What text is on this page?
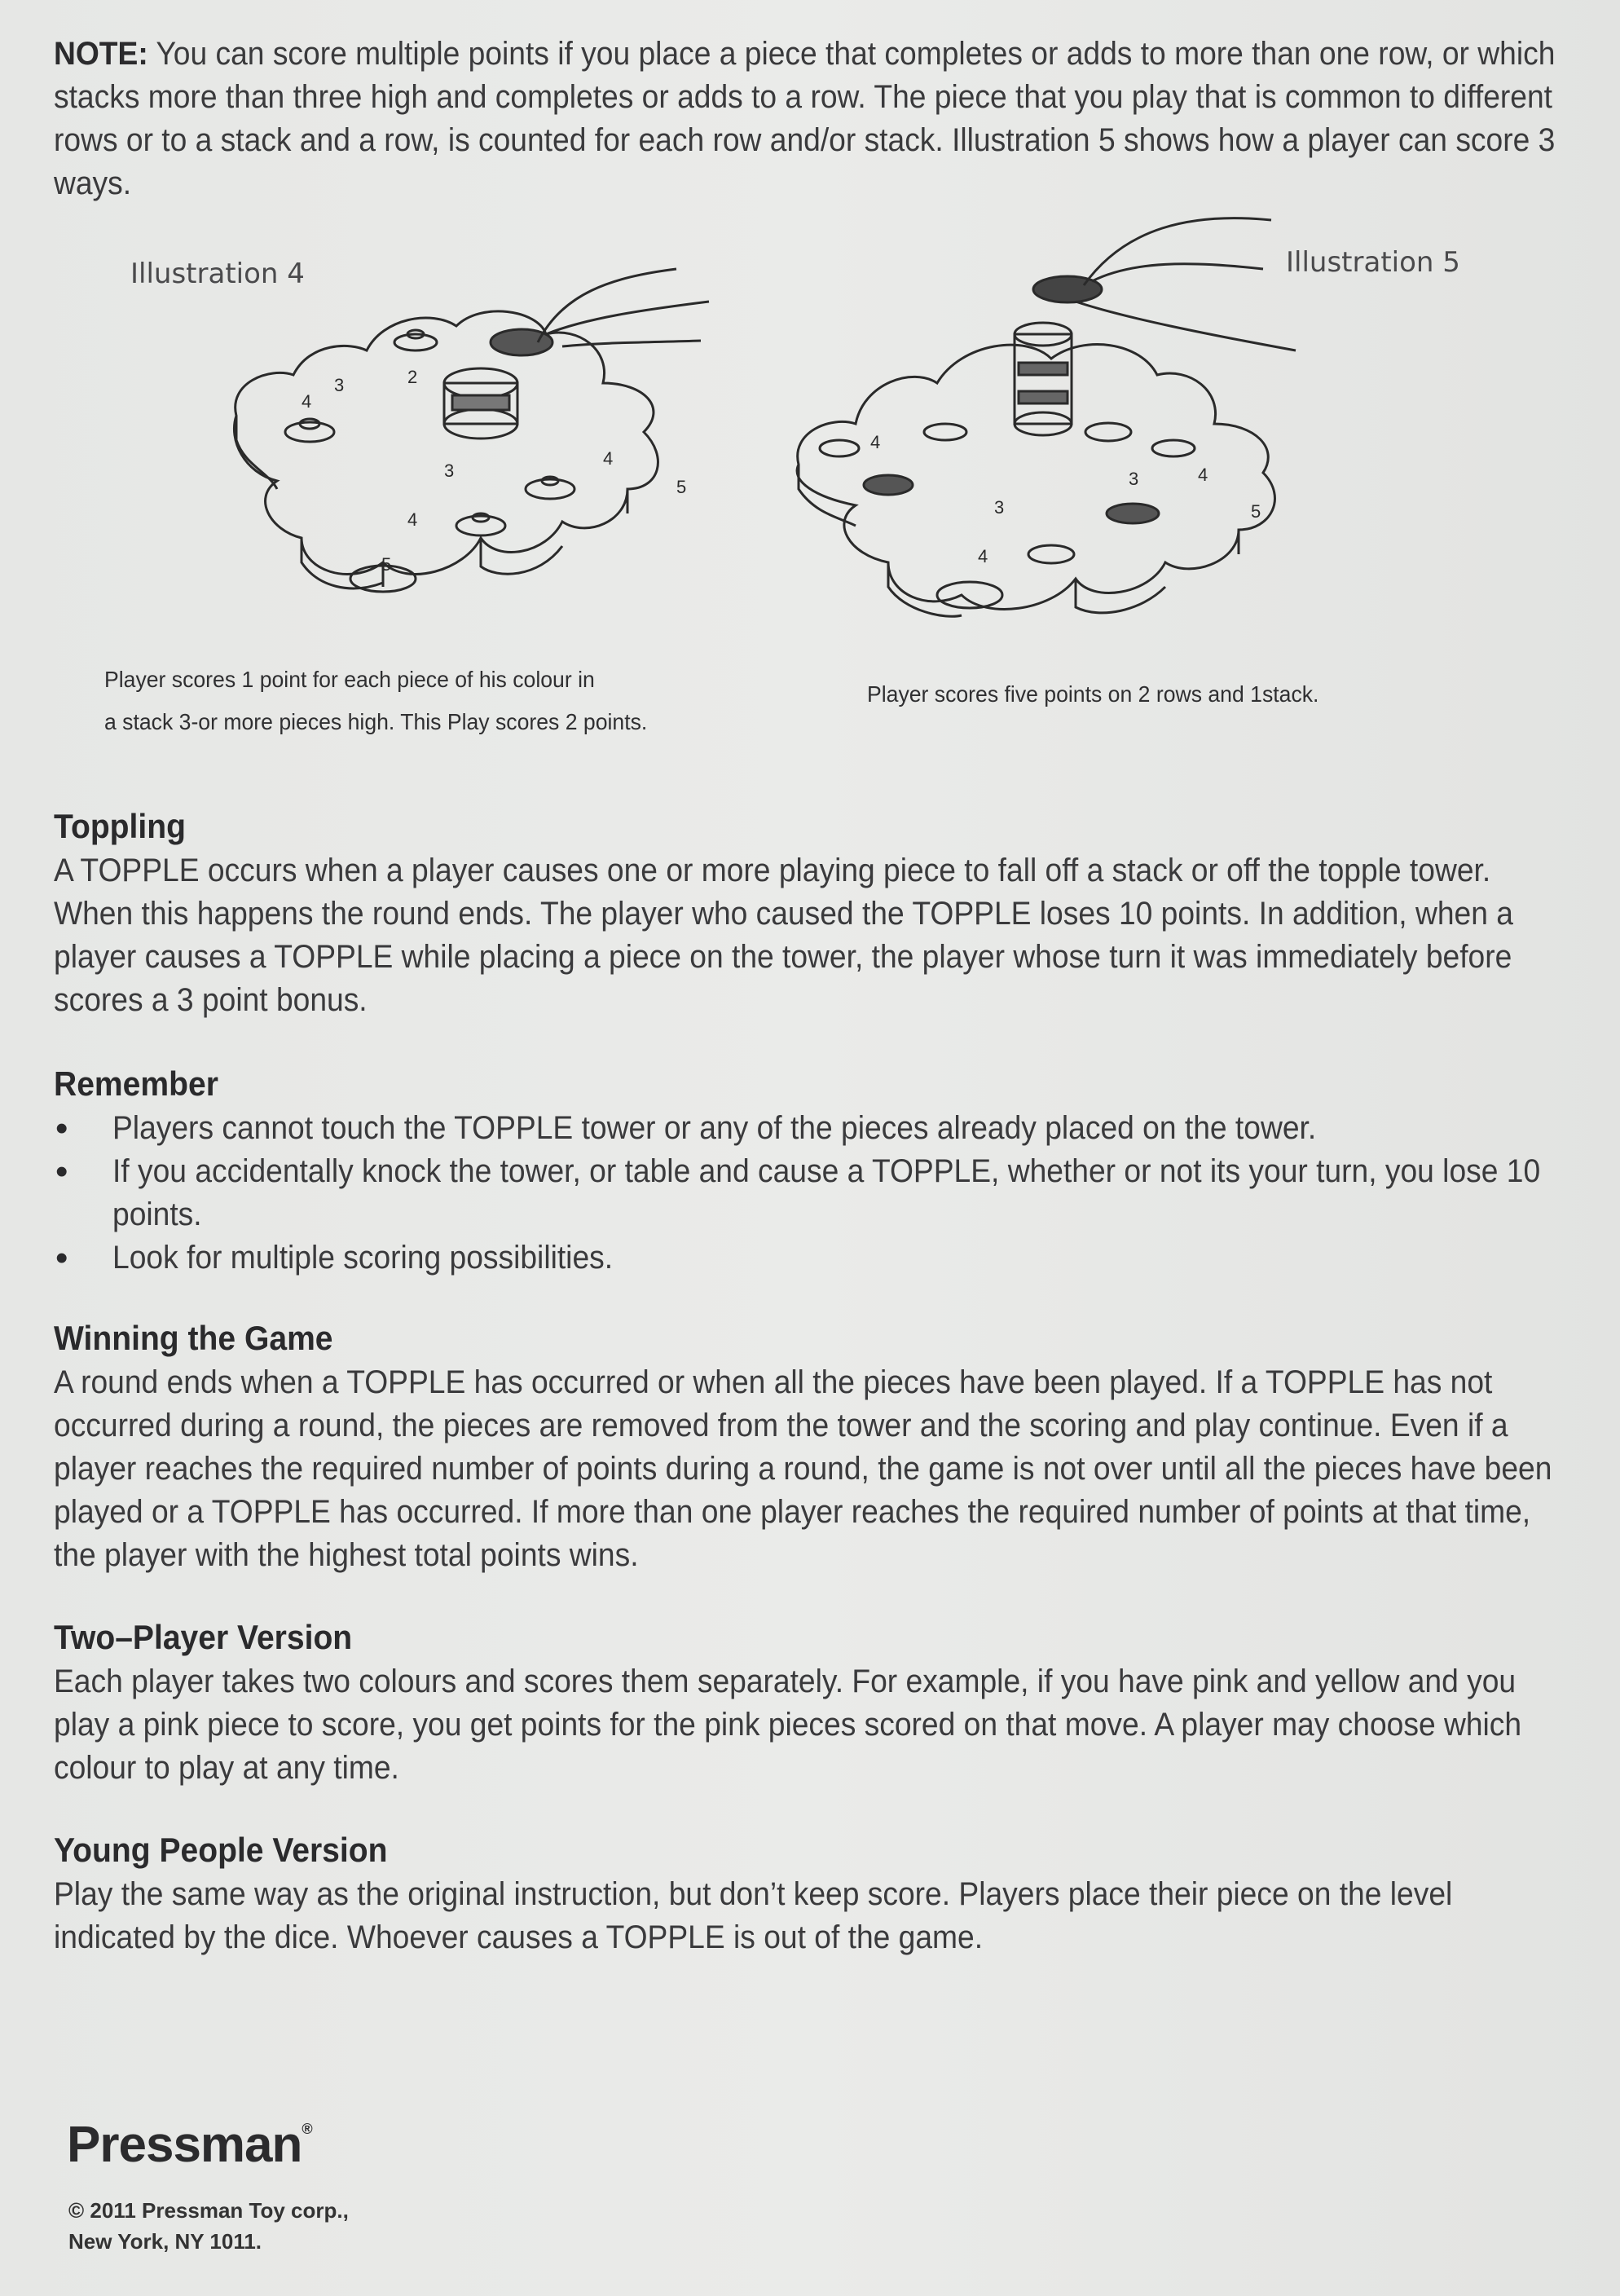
NOTE: You can score multiple points if you place a piece that completes or adds to more than one row, or which stacks more than three high and completes or adds to a row. The piece that you play that is common to different rows or to a stack and a row, is counted for each row and/or stack. Illustration 5 shows how a player can score 3 ways.

Illustration 4
3
4
5
4
4
5
2
3
Player scores 1 point for each piece of his colour in
a stack 3-or more pieces high. This Play scores 2 points.
Illustration 5
3
4
4
4
5
3
Player scores five points on 2 rows and 1stack.
Toppling

A TOPPLE occurs when a player causes one or more playing piece to fall off a stack or off the topple tower. When this happens the round ends. The player who caused the TOPPLE loses 10 points. In addition, when a player causes a TOPPLE while placing a piece on the tower, the player whose turn it was immediately before scores a 3 point bonus.

Remember
• Players cannot touch the TOPPLE tower or any of the pieces already placed on the tower.
• If you accidentally knock the tower, or table and cause a TOPPLE, whether or not its your turn, you lose 10 points.
• Look for multiple scoring possibilities.
Winning the Game

A round ends when a TOPPLE has occurred or when all the pieces have been played. If a TOPPLE has not occurred during a round, the pieces are removed from the tower and the scoring and play continue. Even if a player reaches the required number of points during a round, the game is not over until all the pieces have been played or a TOPPLE has occurred. If more than one player reaches the required number of points at that time, the player with the highest total points wins.

Two–Player Version

Each player takes two colours and scores them separately. For example, if you have pink and yellow and you play a pink piece to score, you get points for the pink pieces scored on that move. A player may choose which colour to play at any time.

Young People Version

Play the same way as the original instruction, but don’t keep score. Players place their piece on the level indicated by the dice. Whoever causes a TOPPLE is out of the game.

Pressman®
© 2011 Pressman Toy corp.,
New York, NY 1011.
